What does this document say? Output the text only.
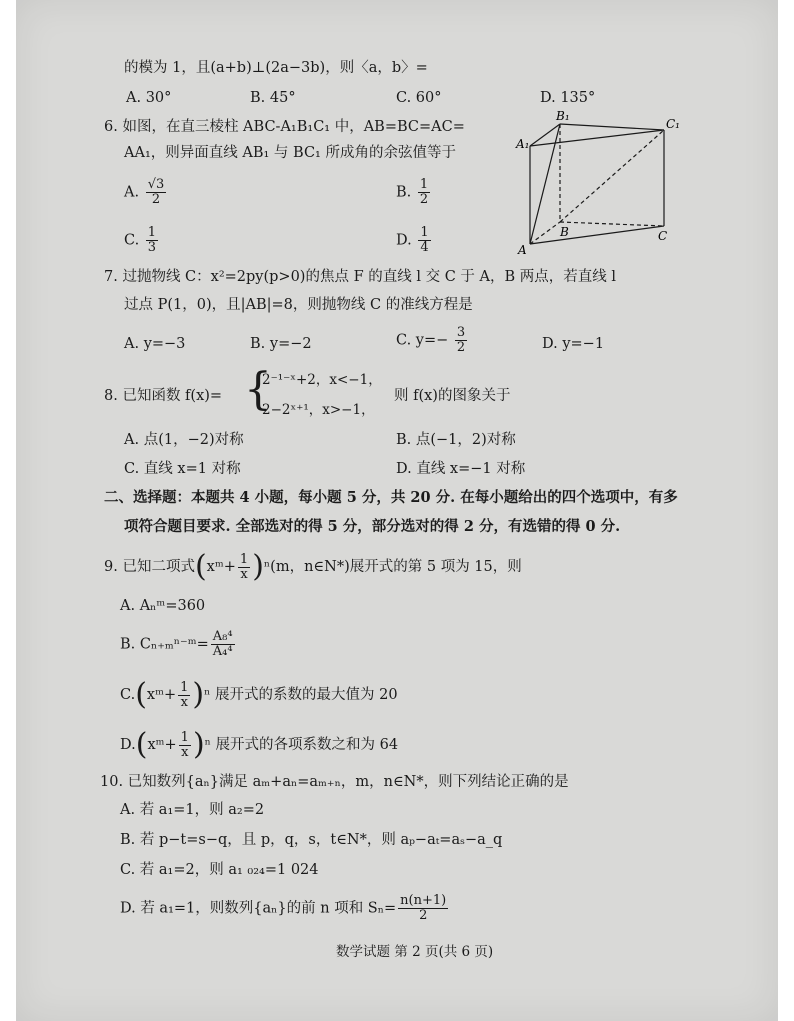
的模为 1，且(a+b)⊥(2a−3b)，则〈a，b〉=
A. 30°	B. 45°	C. 60°	D. 135°
6. 如图，在直三棱柱 ABC-A₁B₁C₁ 中，AB=BC=AC=
AA₁，则异面直线 AB₁ 与 BC₁ 所成角的余弦值等于
A. $\frac{√3}{2}$	B. $\frac{1}{2}$
C. $\frac{1}{3}$	D. $\frac{1}{4}$
A₁
B₁
C₁
A
B	C
7. 过抛物线 C：x²=2py(p>0)的焦点 F 的直线 l 交 C 于 A，B 两点，若直线 l
过点 P(1，0)，且|AB|=8，则抛物线 C 的准线方程是
A. y=−3	B. y=−2	C. $y=- \frac{3}{2}$	D. y=−1
8. 已知函数 f(x)= {
2⁻¹⁻ˣ+2，x<−1，
2−2ˣ⁺¹，x>−1，
则 f(x)的图象关于
A. 点(1，−2)对称	B. 点(−1，2)对称
C. 直线 x=1 对称	D. 直线 x=−1 对称
二、选择题：本题共 4 小题，每小题 5 分，共 20 分. 在每小题给出的四个选项中，有多
项符合题目要求. 全部选对的得 5 分，部分选对的得 2 分，有选错的得 0 分.
9. 已知二项式(xᵐ+ $\frac{1}{x} )^n(m$，n∈N*)展开式的第 5 项为 15，则
A. Aₙᵐ=360
B. Cₙ₊ₘⁿ⁻ᵐ= $\frac{\text{A₈⁴}}{\text{A₄⁴}}$
C.(xᵐ+ $\frac{1}{x} )^n$ 展开式的系数的最大值为 20
D.(xᵐ+ $\frac{1}{x} )^n$ 展开式的各项系数之和为 64
10. 已知数列{aₙ}满足 aₘ+aₙ=aₘ₊ₙ，m，n∈N*，则下列结论正确的是
A. 若 a₁=1，则 a₂=2
B. 若 p−t=s−q，且 p，q，s，t∈N*，则 aₚ−aₜ=aₛ−a_q
C. 若 a₁=2，则 a₁ ₀₂₄=1 024
D. 若 a₁=1，则数列{aₙ}的前 n 项和 $S_n= \frac{n(n+1)}{2}$
数学试题 第 2 页(共 6 页)
